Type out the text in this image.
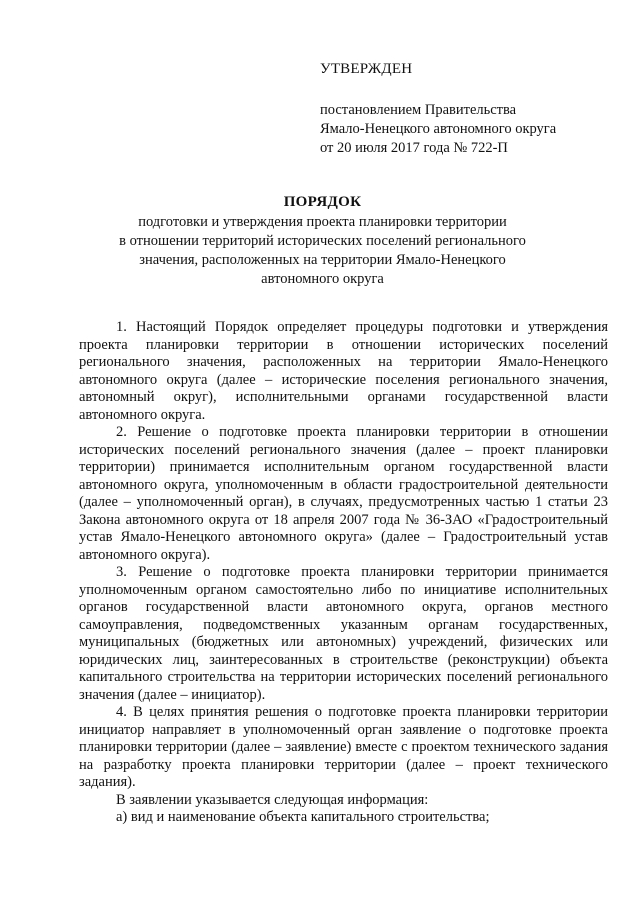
УТВЕРЖДЕН
постановлением Правительства
Ямало-Ненецкого автономного округа
от 20 июля 2017 года № 722-П
ПОРЯДОК
подготовки и утверждения проекта планировки территории
в отношении территорий исторических поселений регионального
значения, расположенных на территории Ямало-Ненецкого
автономного округа

1. Настоящий Порядок определяет процедуры подготовки и утверждения проекта планировки территории в отношении исторических поселений регионального значения, расположенных на территории Ямало-Ненецкого автономного округа (далее – исторические поселения регионального значения, автономный округ), исполнительными органами государственной власти автономного округа.

2. Решение о подготовке проекта планировки территории в отношении исторических поселений регионального значения (далее – проект планировки территории) принимается исполнительным органом государственной власти автономного округа, уполномоченным в области градостроительной деятельности (далее – уполномоченный орган), в случаях, предусмотренных частью 1 статьи 23 Закона автономного округа от 18 апреля 2007 года № 36-ЗАО «Градостроительный устав Ямало-Ненецкого автономного округа» (далее – Градостроительный устав автономного округа).

3. Решение о подготовке проекта планировки территории принимается уполномоченным органом самостоятельно либо по инициативе исполнительных органов государственной власти автономного округа, органов местного самоуправления, подведомственных указанным органам государственных, муниципальных (бюджетных или автономных) учреждений, физических или юридических лиц, заинтересованных в строительстве (реконструкции) объекта капитального строительства на территории исторических поселений регионального значения (далее – инициатор).

4. В целях принятия решения о подготовке проекта планировки территории инициатор направляет в уполномоченный орган заявление о подготовке проекта планировки территории (далее – заявление) вместе с проектом технического задания на разработку проекта планировки территории (далее – проект технического задания).

В заявлении указывается следующая информация:

а) вид и наименование объекта капитального строительства;
